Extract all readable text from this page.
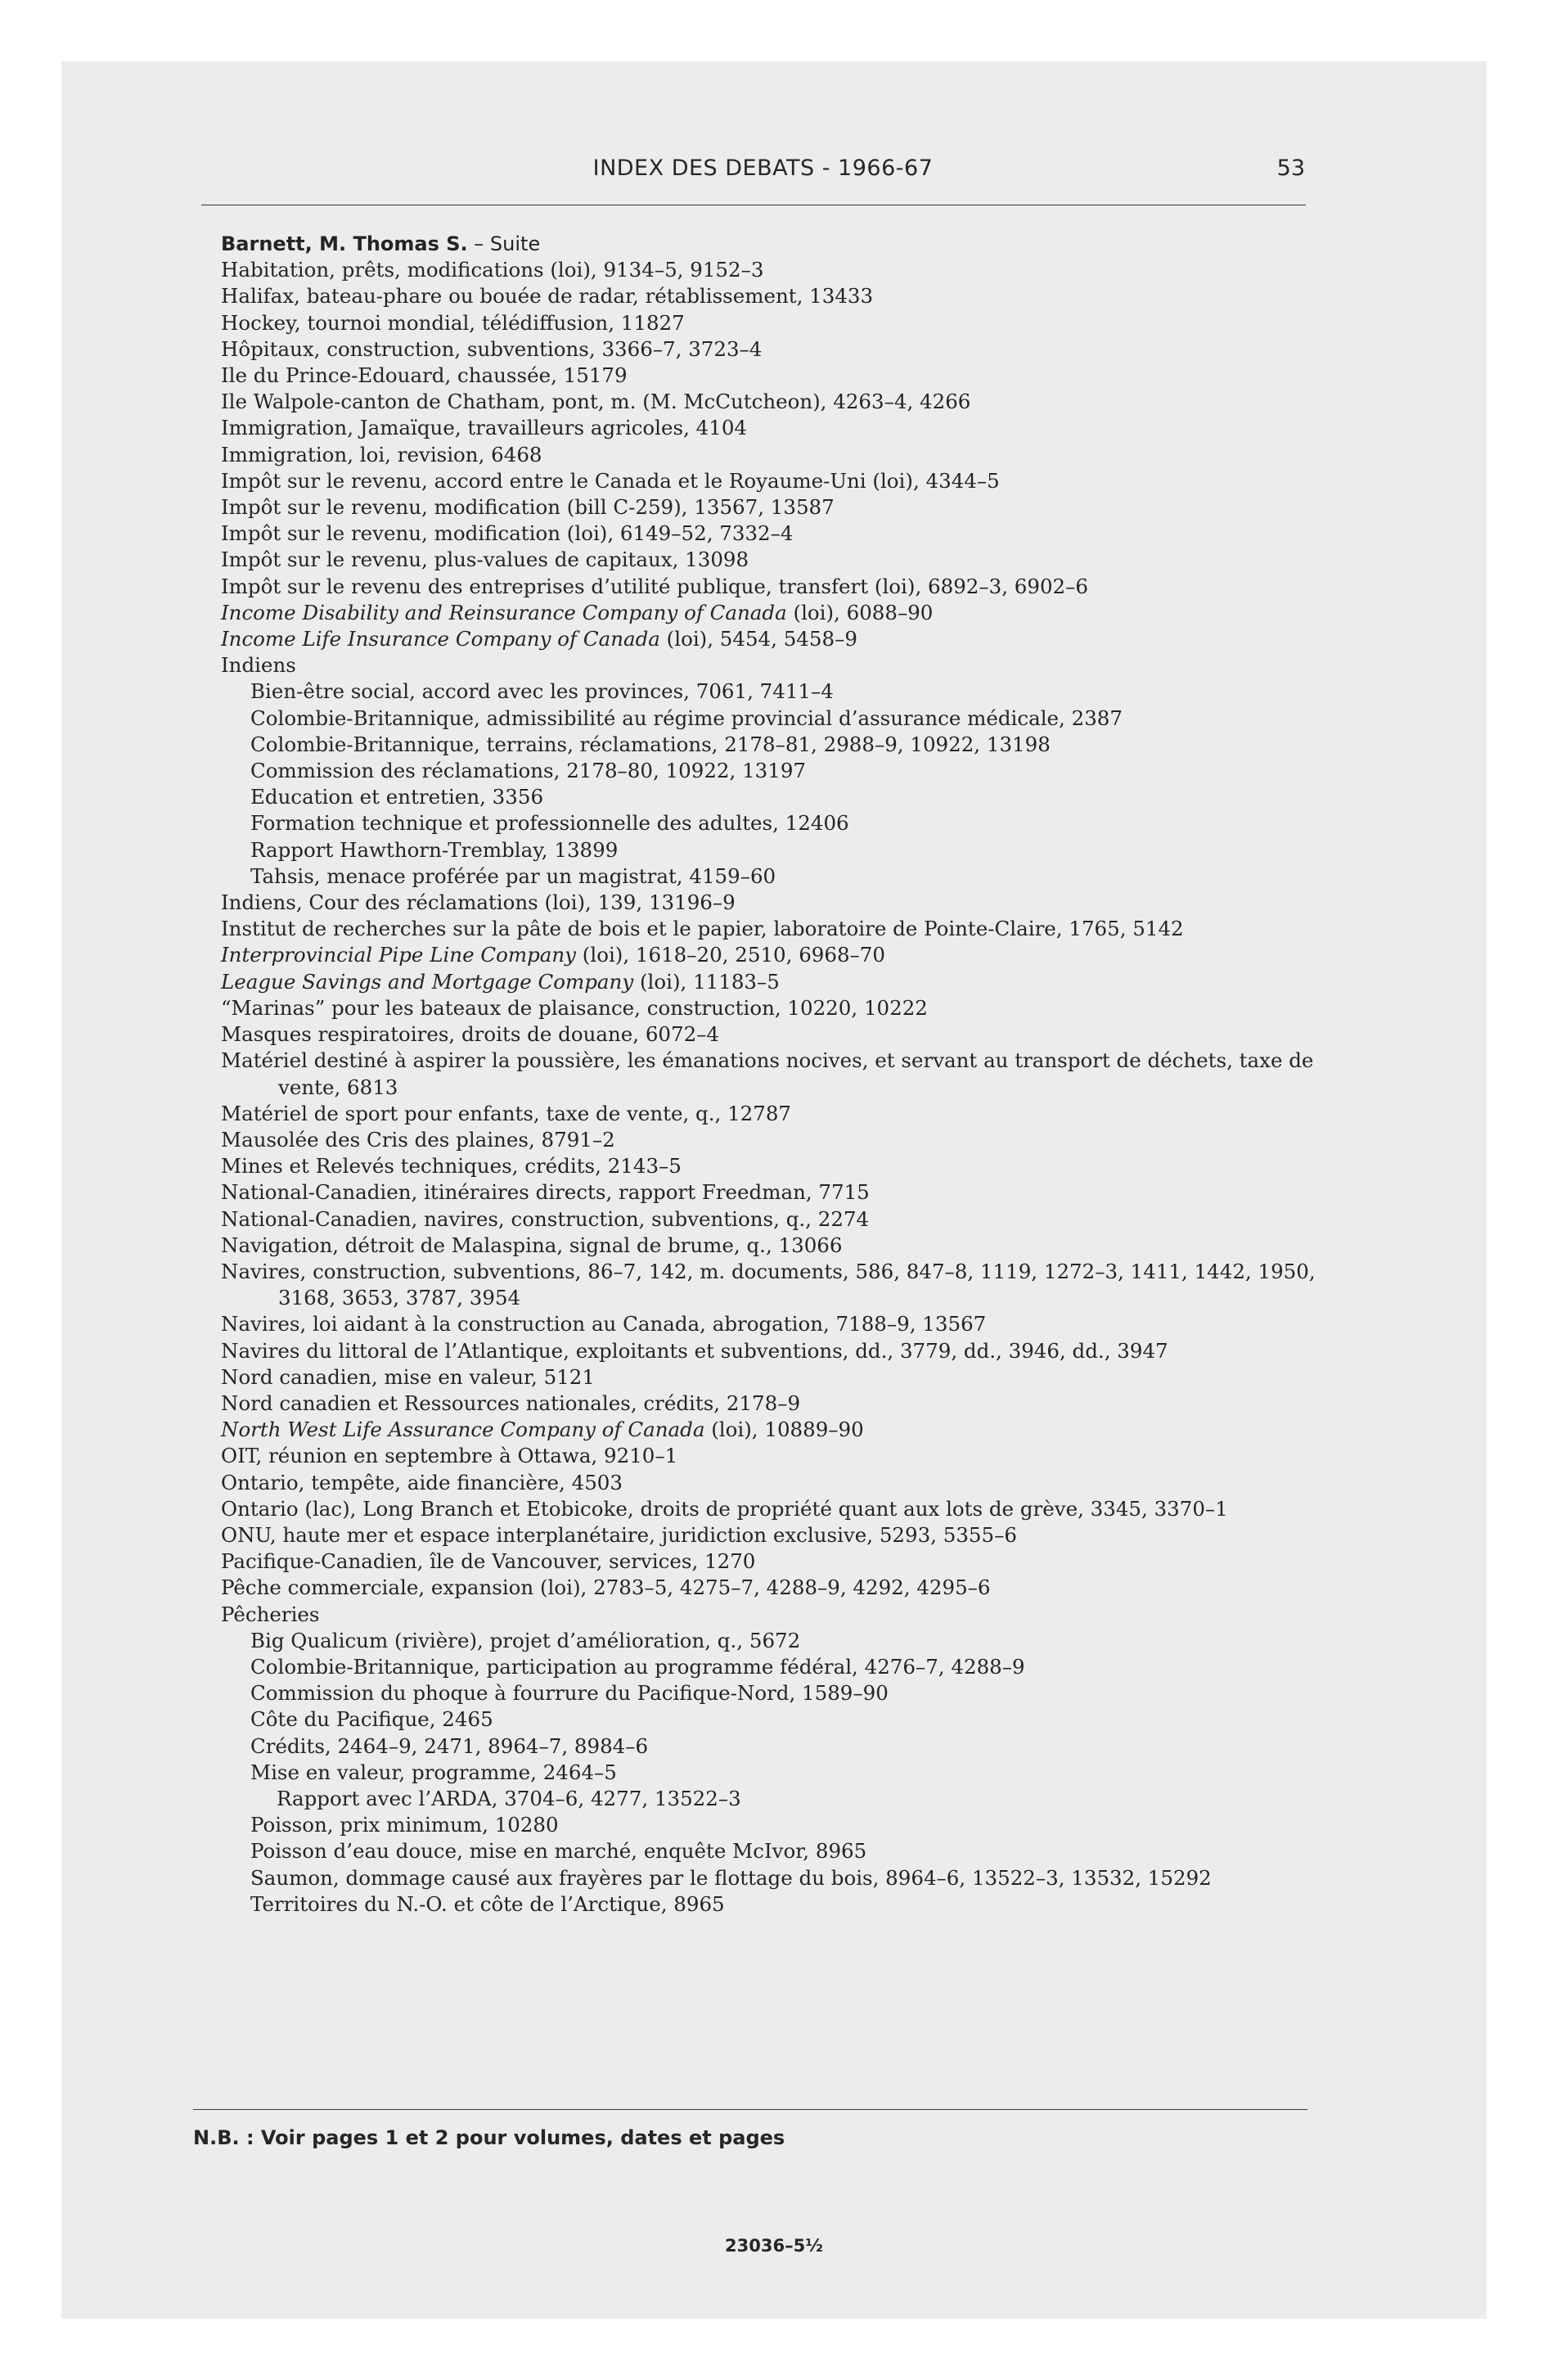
INDEX DES DEBATS - 1966-67	53
Barnett, M. Thomas S. – Suite
Habitation, prêts, modifications (loi), 9134–5, 9152–3
Halifax, bateau-phare ou bouée de radar, rétablissement, 13433
Hockey, tournoi mondial, télédiffusion, 11827
Hôpitaux, construction, subventions, 3366–7, 3723–4
Ile du Prince-Edouard, chaussée, 15179
Ile Walpole-canton de Chatham, pont, m. (M. McCutcheon), 4263–4, 4266
Immigration, Jamaïque, travailleurs agricoles, 4104
Immigration, loi, revision, 6468
Impôt sur le revenu, accord entre le Canada et le Royaume-Uni (loi), 4344–5
Impôt sur le revenu, modification (bill C-259), 13567, 13587
Impôt sur le revenu, modification (loi), 6149–52, 7332–4
Impôt sur le revenu, plus-values de capitaux, 13098
Impôt sur le revenu des entreprises d’utilité publique, transfert (loi), 6892–3, 6902–6
Income Disability and Reinsurance Company of Canada (loi), 6088–90
Income Life Insurance Company of Canada (loi), 5454, 5458–9
Indiens
Bien-être social, accord avec les provinces, 7061, 7411–4
Colombie-Britannique, admissibilité au régime provincial d’assurance médicale, 2387
Colombie-Britannique, terrains, réclamations, 2178–81, 2988–9, 10922, 13198
Commission des réclamations, 2178–80, 10922, 13197
Education et entretien, 3356
Formation technique et professionnelle des adultes, 12406
Rapport Hawthorn-Tremblay, 13899
Tahsis, menace proférée par un magistrat, 4159–60
Indiens, Cour des réclamations (loi), 139, 13196–9
Institut de recherches sur la pâte de bois et le papier, laboratoire de Pointe-Claire, 1765, 5142
Interprovincial Pipe Line Company (loi), 1618–20, 2510, 6968–70
League Savings and Mortgage Company (loi), 11183–5
“Marinas” pour les bateaux de plaisance, construction, 10220, 10222
Masques respiratoires, droits de douane, 6072–4
Matériel destiné à aspirer la poussière, les émanations nocives, et servant au transport de déchets, taxe de vente, 6813
Matériel de sport pour enfants, taxe de vente, q., 12787
Mausolée des Cris des plaines, 8791–2
Mines et Relevés techniques, crédits, 2143–5
National-Canadien, itinéraires directs, rapport Freedman, 7715
National-Canadien, navires, construction, subventions, q., 2274
Navigation, détroit de Malaspina, signal de brume, q., 13066
Navires, construction, subventions, 86–7, 142, m. documents, 586, 847–8, 1119, 1272–3, 1411, 1442, 1950, 3168, 3653, 3787, 3954
Navires, loi aidant à la construction au Canada, abrogation, 7188–9, 13567
Navires du littoral de l’Atlantique, exploitants et subventions, dd., 3779, dd., 3946, dd., 3947
Nord canadien, mise en valeur, 5121
Nord canadien et Ressources nationales, crédits, 2178–9
North West Life Assurance Company of Canada (loi), 10889–90
OIT, réunion en septembre à Ottawa, 9210–1
Ontario, tempête, aide financière, 4503
Ontario (lac), Long Branch et Etobicoke, droits de propriété quant aux lots de grève, 3345, 3370–1
ONU, haute mer et espace interplanétaire, juridiction exclusive, 5293, 5355–6
Pacifique-Canadien, île de Vancouver, services, 1270
Pêche commerciale, expansion (loi), 2783–5, 4275–7, 4288–9, 4292, 4295–6
Pêcheries
Big Qualicum (rivière), projet d’amélioration, q., 5672
Colombie-Britannique, participation au programme fédéral, 4276–7, 4288–9
Commission du phoque à fourrure du Pacifique-Nord, 1589–90
Côte du Pacifique, 2465
Crédits, 2464–9, 2471, 8964–7, 8984–6
Mise en valeur, programme, 2464–5
Rapport avec l’ARDA, 3704–6, 4277, 13522–3
Poisson, prix minimum, 10280
Poisson d’eau douce, mise en marché, enquête McIvor, 8965
Saumon, dommage causé aux frayères par le flottage du bois, 8964–6, 13522–3, 13532, 15292
Territoires du N.-O. et côte de l’Arctique, 8965
N.B. : Voir pages 1 et 2 pour volumes, dates et pages
23036–5½
